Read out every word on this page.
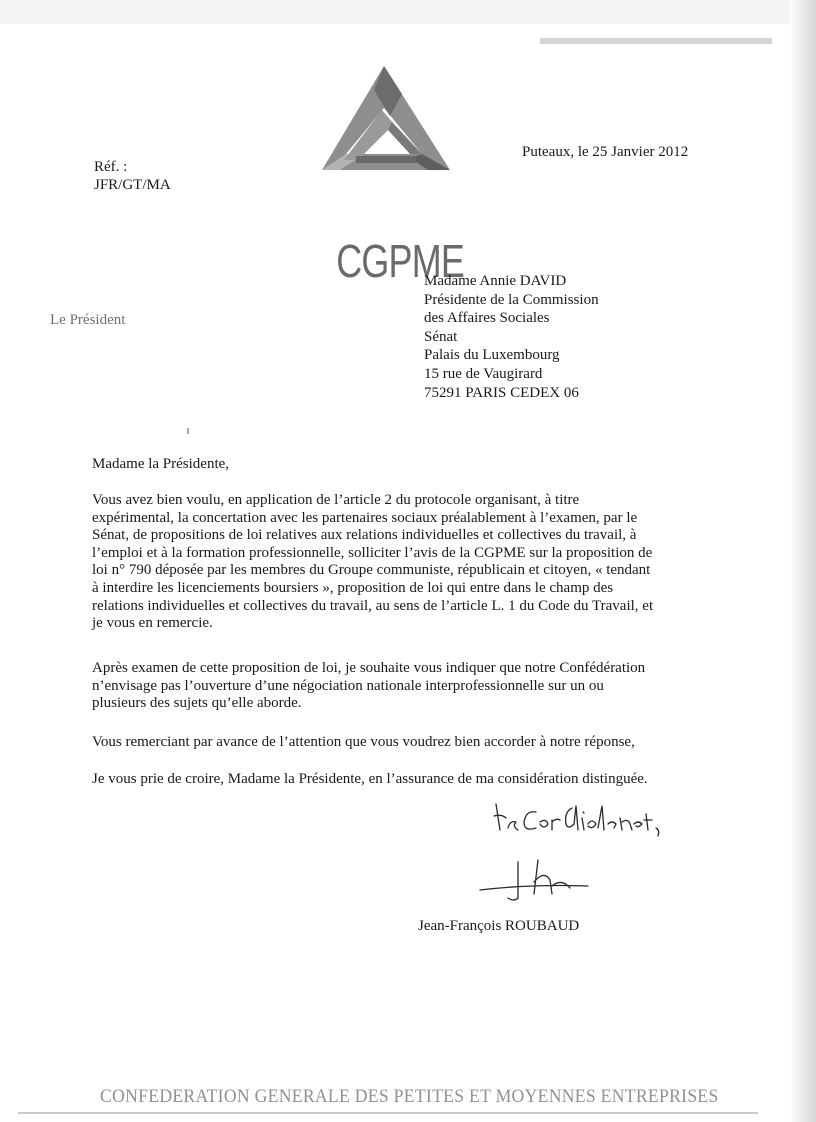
CGPME
Réf. :
JFR/GT/MA
Puteaux, le 25 Janvier 2012
Le Président
Madame Annie DAVID
Présidente de la Commission
des Affaires Sociales
Sénat
Palais du Luxembourg
15 rue de Vaugirard
75291 PARIS CEDEX 06
Madame la Présidente,
Vous avez bien voulu, en application de l’article 2 du protocole organisant, à titre
expérimental, la concertation avec les partenaires sociaux préalablement à l’examen, par le
Sénat, de propositions de loi relatives aux relations individuelles et collectives du travail, à
l’emploi et à la formation professionnelle, solliciter l’avis de la CGPME sur la proposition de
loi n° 790 déposée par les membres du Groupe communiste, républicain et citoyen, « tendant
à interdire les licenciements boursiers », proposition de loi qui entre dans le champ des
relations individuelles et collectives du travail, au sens de l’article L. 1 du Code du Travail, et
je vous en remercie.
Après examen de cette proposition de loi, je souhaite vous indiquer que notre Confédération
n’envisage pas l’ouverture d’une négociation nationale interprofessionnelle sur un ou
plusieurs des sujets qu’elle aborde.
Vous remerciant par avance de l’attention que vous voudrez bien accorder à notre réponse,
Je vous prie de croire, Madame la Présidente, en l’assurance de ma considération distinguée.
Jean-François ROUBAUD
CONFEDERATION GENERALE DES PETITES ET MOYENNES ENTREPRISES
